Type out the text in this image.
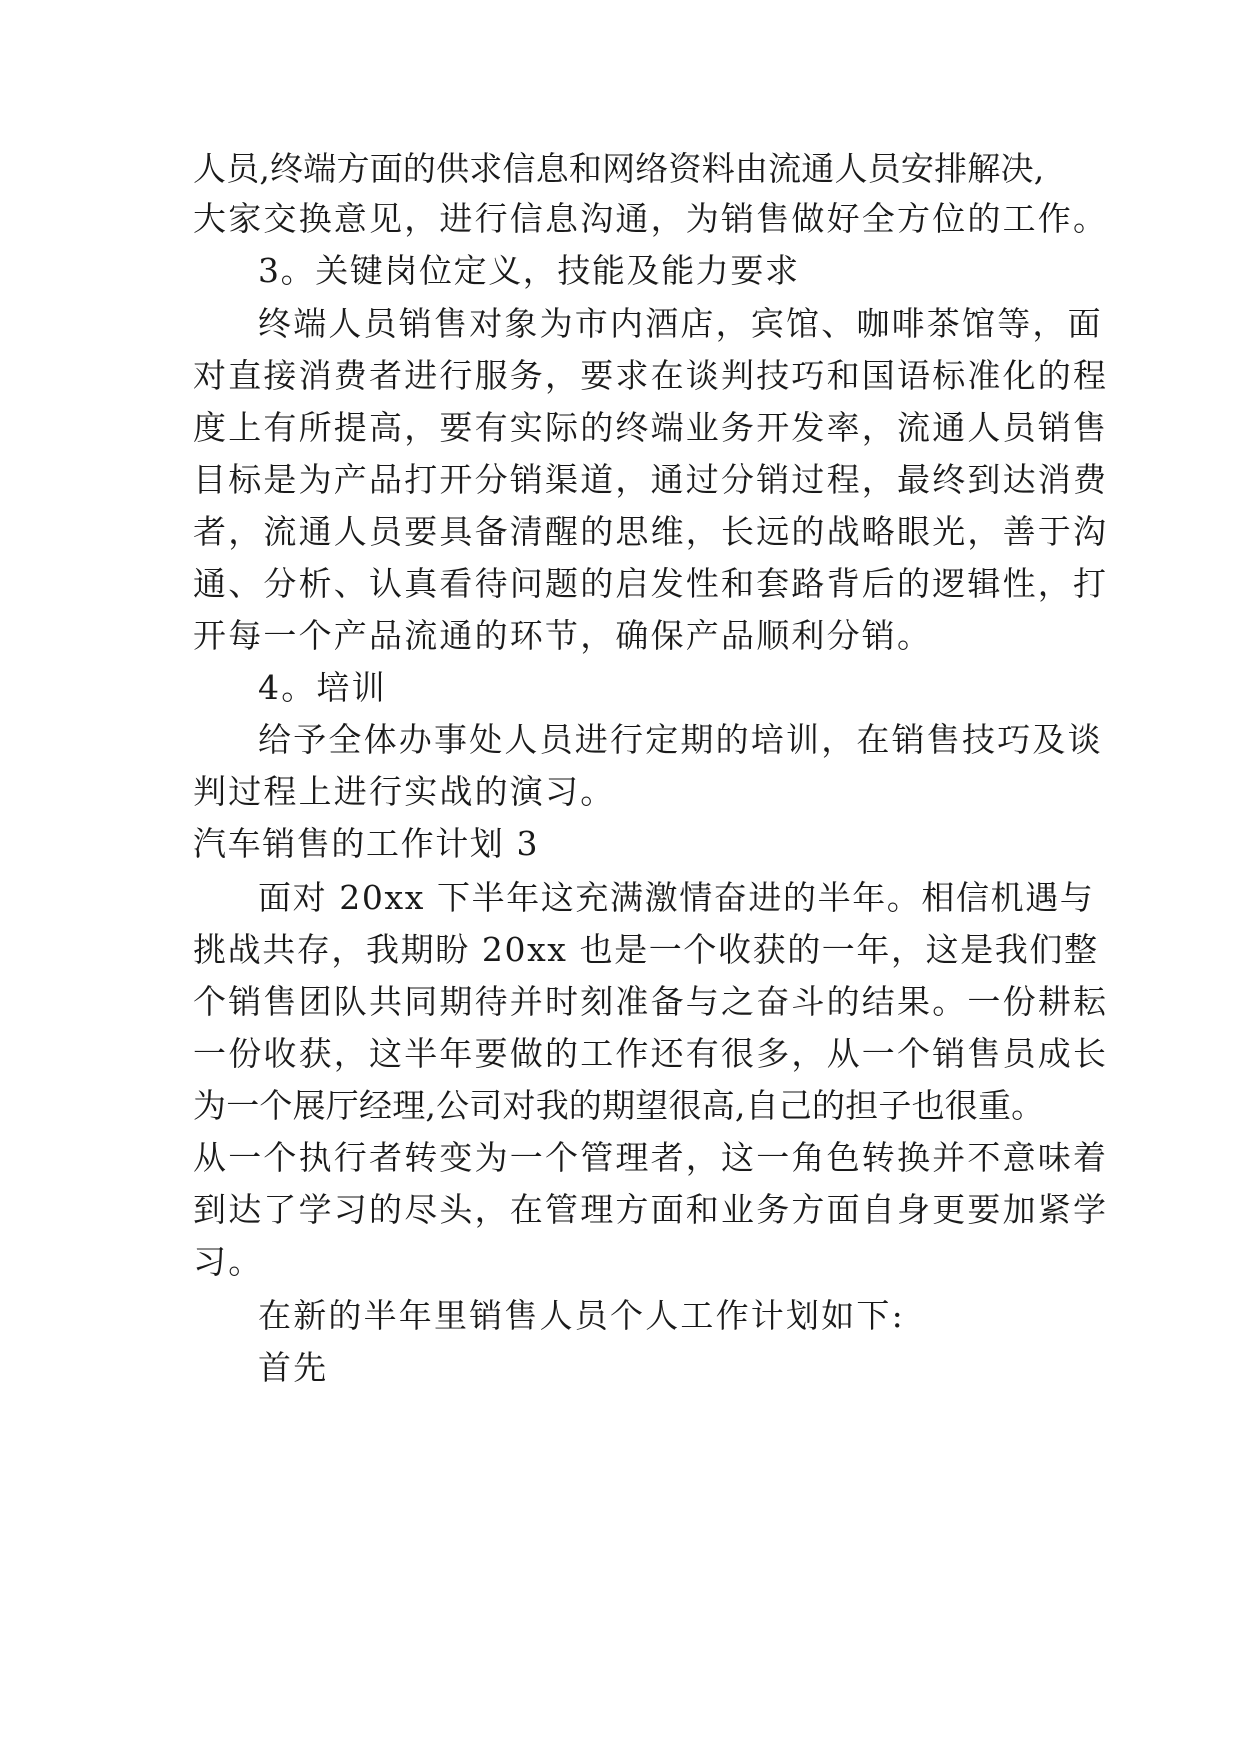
人员,终端方面的供求信息和网络资料由流通人员安排解决,
大家交换意见，进行信息沟通，为销售做好全方位的工作。
3。关键岗位定义，技能及能力要求
终端人员销售对象为市内酒店，宾馆、咖啡茶馆等，面
对直接消费者进行服务，要求在谈判技巧和国语标准化的程
度上有所提高，要有实际的终端业务开发率，流通人员销售
目标是为产品打开分销渠道，通过分销过程，最终到达消费
者，流通人员要具备清醒的思维，长远的战略眼光，善于沟
通、分析、认真看待问题的启发性和套路背后的逻辑性，打
开每一个产品流通的环节，确保产品顺利分销。
4。培训
给予全体办事处人员进行定期的培训，在销售技巧及谈
判过程上进行实战的演习。
汽车销售的工作计划 3
面对 20xx 下半年这充满激情奋进的半年。相信机遇与
挑战共存，我期盼 20xx 也是一个收获的一年，这是我们整
个销售团队共同期待并时刻准备与之奋斗的结果。一份耕耘
一份收获，这半年要做的工作还有很多，从一个销售员成长
为一个展厅经理,公司对我的期望很高,自己的担子也很重。
从一个执行者转变为一个管理者，这一角色转换并不意味着
到达了学习的尽头，在管理方面和业务方面自身更要加紧学
习。
在新的半年里销售人员个人工作计划如下:
首先
